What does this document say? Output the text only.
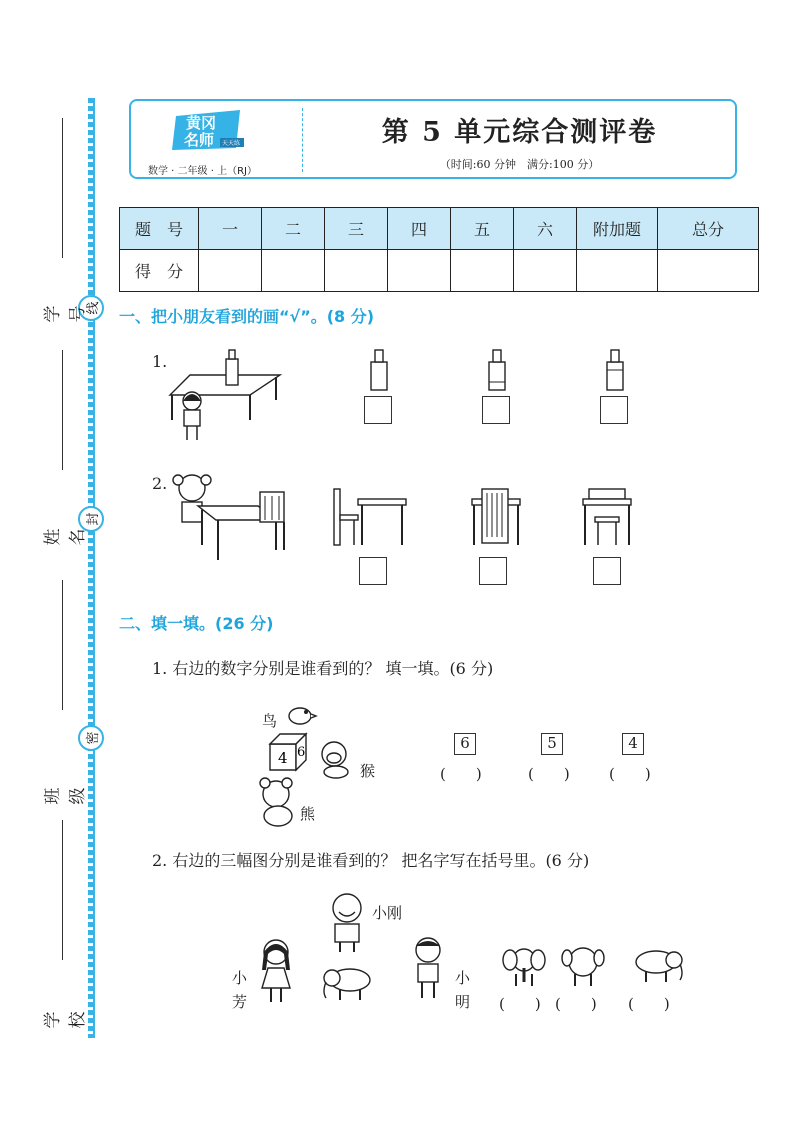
线
封
密
学 号
姓 名
班 级
学 校
黄冈
名师 天天练
数学 · 二年级 · 上（RJ）
第 5 单元综合测评卷
（时间:60 分钟　满分:100 分）
题　号	一	二	三	四	五	六	附加题	总分
得　分								
一、把小朋友看到的画“√”。(8 分)
1.
2.
二、填一填。(26 分)
1. 右边的数字分别是谁看到的？ 填一填。(6 分)
鸟
4 6
猴
熊
6	5	4
(　　)	(　　)	(　　)
2. 右边的三幅图分别是谁看到的？ 把名字写在括号里。(6 分)
小刚
小
芳
小
明 (　　) (　　) (　　)
